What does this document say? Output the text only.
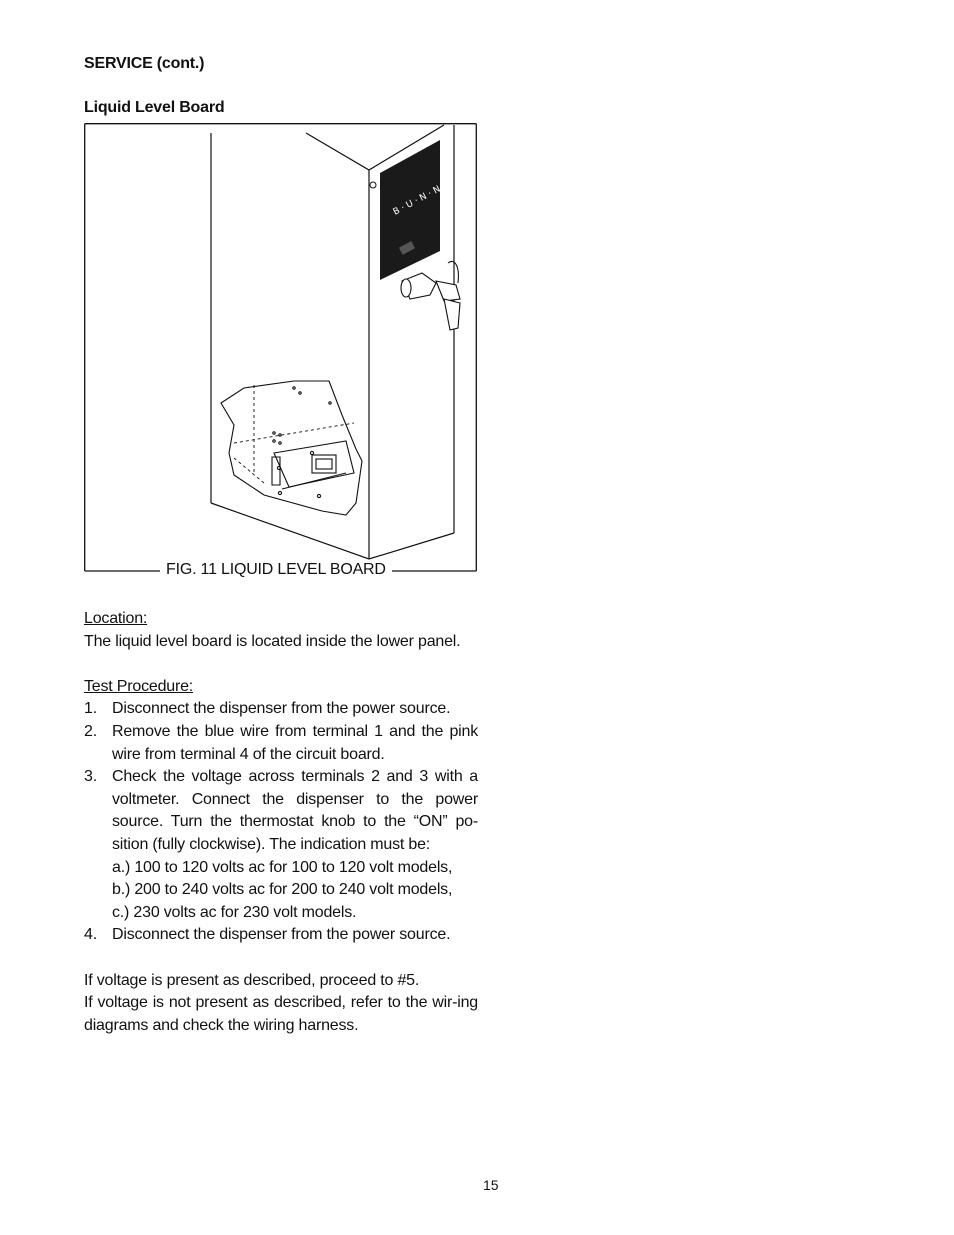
SERVICE (cont.)
Liquid Level Board
B · U · N · N
FIG. 11 LIQUID LEVEL BOARD
Location:
The liquid level board is located inside the lower panel.
Test Procedure:
1. Disconnect the dispenser from the power source.
2. Remove the blue wire from terminal 1 and the pink wire from terminal 4 of the circuit board.
3. Check the voltage across terminals 2 and 3 with a voltmeter. Connect the dispenser to the power source. Turn the thermostat knob to the “ON” po-sition (fully clockwise). The indication must be:
a.) 100 to 120 volts ac for 100 to 120 volt models,
b.) 200 to 240 volts ac for 200 to 240 volt models,
c.) 230 volts ac for 230 volt models.
4. Disconnect the dispenser from the power source.
If voltage is present as described, proceed to #5.
If voltage is not present as described, refer to the wir-ing diagrams and check the wiring harness.
15
